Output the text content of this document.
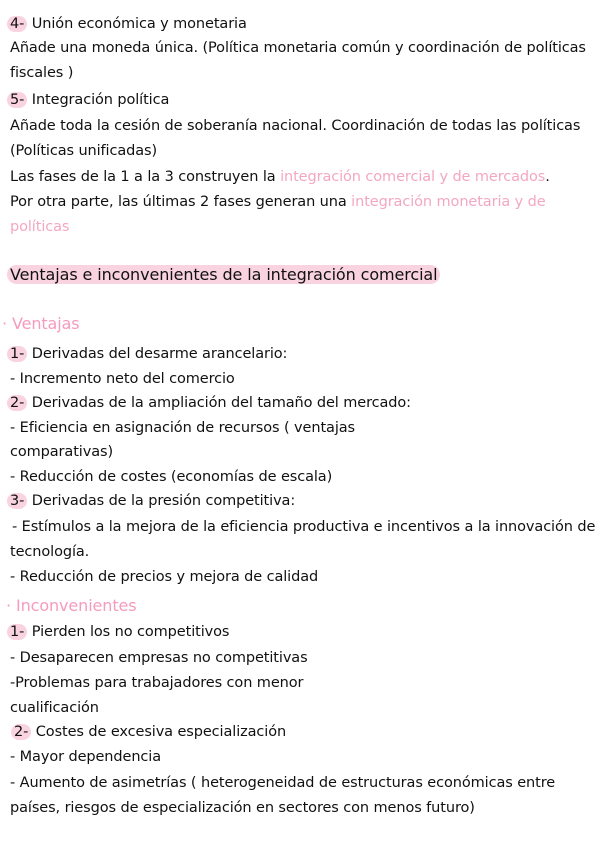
4- Unión económica y monetaria
Añade una moneda única. (Política monetaria común y coordinación de políticas
fiscales )
5- Integración política
Añade toda la cesión de soberanía nacional. Coordinación de todas las políticas
(Políticas unificadas)
Las fases de la 1 a la 3 construyen la integración comercial y de mercados.
Por otra parte, las últimas 2 fases generan una integración monetaria y de
políticas
Ventajas e inconvenientes de la integración comercial
· Ventajas
1- Derivadas del desarme arancelario:
- Incremento neto del comercio
2- Derivadas de la ampliación del tamaño del mercado:
- Eficiencia en asignación de recursos ( ventajas
comparativas)
- Reducción de costes (economías de escala)
3- Derivadas de la presión competitiva:
- Estímulos a la mejora de la eficiencia productiva e incentivos a la innovación de
tecnología.
- Reducción de precios y mejora de calidad
· Inconvenientes
1- Pierden los no competitivos
- Desaparecen empresas no competitivas
-Problemas para trabajadores con menor
cualificación
2- Costes de excesiva especialización
- Mayor dependencia
- Aumento de asimetrías ( heterogeneidad de estructuras económicas entre
países, riesgos de especialización en sectores con menos futuro)
